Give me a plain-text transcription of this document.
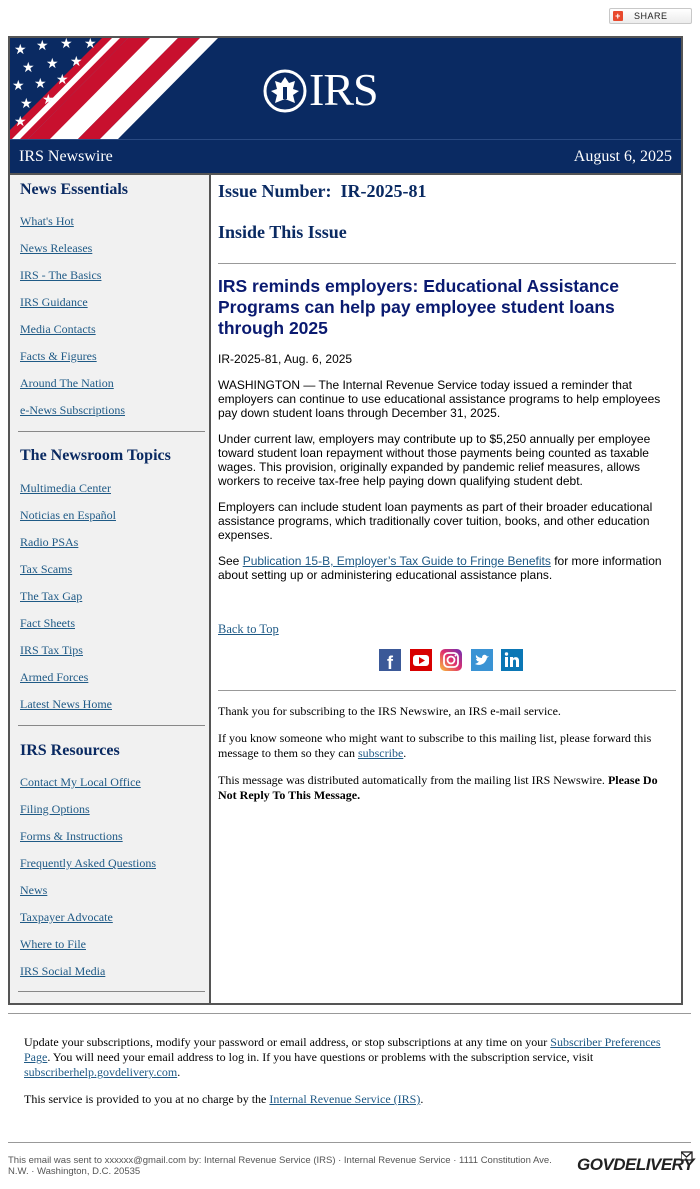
+ SHARE
★ ★ ★ ★
★ ★ ★
★ ★ ★
★ ★
★
IRS
IRS Newswire	August 6, 2025
News Essentials
What's Hot
News Releases
IRS - The Basics
IRS Guidance
Media Contacts
Facts & Figures
Around The Nation
e-News Subscriptions
The Newsroom Topics
Multimedia Center
Noticias en Español
Radio PSAs
Tax Scams
The Tax Gap
Fact Sheets
IRS Tax Tips
Armed Forces
Latest News Home
IRS Resources
Contact My Local Office
Filing Options
Forms & Instructions
Frequently Asked Questions
News
Taxpayer Advocate
Where to File
IRS Social Media
Issue Number:  IR-2025-81
Inside This Issue
IRS reminds employers: Educational Assistance Programs can help pay employee student loans through 2025
IR-2025-81, Aug. 6, 2025
WASHINGTON — The Internal Revenue Service today issued a reminder that employers can continue to use educational assistance programs to help employees pay down student loans through December 31, 2025.
Under current law, employers may contribute up to $5,250 annually per employee toward student loan repayment without those payments being counted as taxable wages. This provision, originally expanded by pandemic relief measures, allows workers to receive tax-free help paying down qualifying student debt.
Employers can include student loan payments as part of their broader educational assistance programs, which traditionally cover tuition, books, and other education expenses.
See Publication 15-B, Employer’s Tax Guide to Fringe Benefits for more information about setting up or administering educational assistance plans.
Back to Top
f

Thank you for subscribing to the IRS Newswire, an IRS e-mail service.
If you know someone who might want to subscribe to this mailing list, please forward this message to them so they can subscribe.
This message was distributed automatically from the mailing list IRS Newswire. Please Do Not Reply To This Message.
Update your subscriptions, modify your password or email address, or stop subscriptions at any time on your Subscriber Preferences Page. You will need your email address to log in. If you have questions or problems with the subscription service, visit subscriberhelp.govdelivery.com.
This service is provided to you at no charge by the Internal Revenue Service (IRS).
This email was sent to xxxxxx@gmail.com by: Internal Revenue Service (IRS) · Internal Revenue Service · 1111 Constitution Ave. N.W. · Washington, D.C. 20535	GOVDELIVERY
